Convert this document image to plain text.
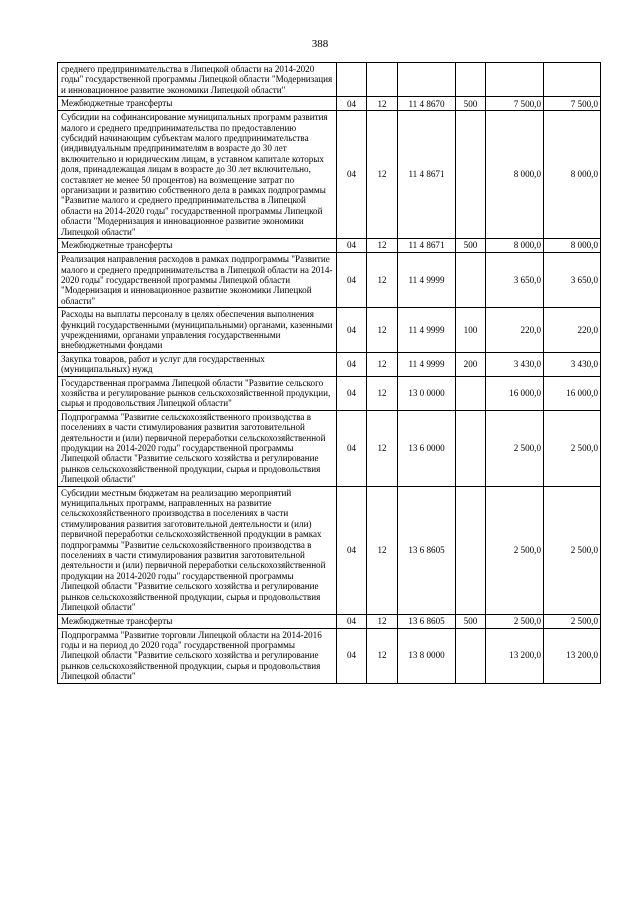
388
среднего предпринимательства в Липецкой области на 2014-2020 годы" государственной программы Липецкой области "Модернизация и инновационное развитие экономики Липецкой области"						
Межбюджетные трансферты	04	12	11 4 8670	500	7 500,0	7 500,0
Субсидии на софинансирование муниципальных программ развития малого и среднего предпринимательства по предоставлению субсидий начинающим субъектам малого предпринимательства (индивидуальным предпринимателям в возрасте до 30 лет включительно и юридическим лицам, в уставном капитале которых доля, принадлежащая лицам в возрасте до 30 лет включительно, составляет не менее 50 процентов) на возмещение затрат по организации и развитию собственного дела в рамках подпрограммы "Развитие малого и среднего предпринимательства в Липецкой области на 2014-2020 годы" государственной программы Липецкой области "Модернизация и инновационное развитие экономики Липецкой области"	04	12	11 4 8671		8 000,0	8 000,0
Межбюджетные трансферты	04	12	11 4 8671	500	8 000,0	8 000,0
Реализация направления расходов в рамках подпрограммы "Развитие малого и среднего предпринимательства в Липецкой области на 2014-2020 годы" государственной программы Липецкой области "Модернизация и инновационное развитие экономики Липецкой области"	04	12	11 4 9999		3 650,0	3 650,0
Расходы на выплаты персоналу в целях обеспечения выполнения функций государственными (муниципальными) органами, казенными учреждениями, органами управления государственными внебюджетными фондами	04	12	11 4 9999	100	220,0	220,0
Закупка товаров, работ и услуг для государственных (муниципальных) нужд	04	12	11 4 9999	200	3 430,0	3 430,0
Государственная программа Липецкой области "Развитие сельского хозяйства и регулирование рынков сельскохозяйственной продукции, сырья и продовольствия Липецкой области"	04	12	13 0 0000		16 000,0	16 000,0
Подпрограмма "Развитие сельскохозяйственного производства в поселениях в части стимулирования развития заготовительной деятельности и (или) первичной переработки сельскохозяйственной продукции на 2014-2020 годы" государственной программы Липецкой области "Развитие сельского хозяйства и регулирование рынков сельскохозяйственной продукции, сырья и продовольствия Липецкой области"	04	12	13 6 0000		2 500,0	2 500,0
Субсидии местным бюджетам на реализацию мероприятий муниципальных программ, направленных на развитие сельскохозяйственного производства в поселениях в части стимулирования развития заготовительной деятельности и (или) первичной переработки сельскохозяйственной продукции в рамках подпрограммы "Развитие сельскохозяйственного производства в поселениях в части стимулирования развития заготовительной деятельности и (или) первичной переработки сельскохозяйственной продукции на 2014-2020 годы" государственной программы Липецкой области "Развитие сельского хозяйства и регулирование рынков сельскохозяйственной продукции, сырья и продовольствия Липецкой области"	04	12	13 6 8605		2 500,0	2 500,0
Межбюджетные трансферты	04	12	13 6 8605	500	2 500,0	2 500,0
Подпрограмма "Развитие торговли Липецкой области на 2014-2016 годы и на период до 2020 года" государственной программы Липецкой области "Развитие сельского хозяйства и регулирование рынков сельскохозяйственной продукции, сырья и продовольствия Липецкой области"	04	12	13 8 0000		13 200,0	13 200,0
